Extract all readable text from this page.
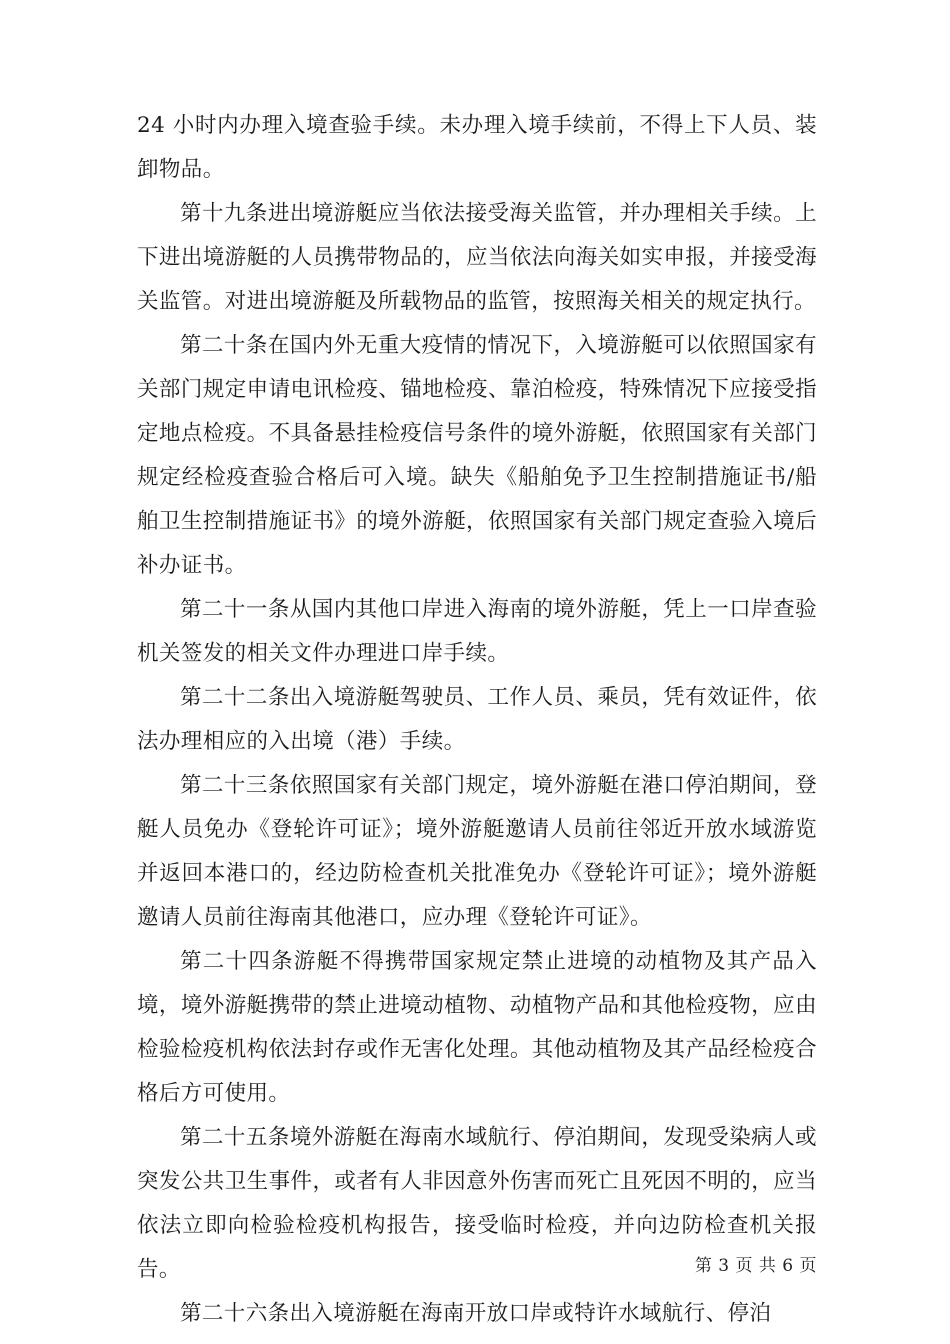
24 小时内办理入境查验手续。未办理入境手续前，不得上下人员、装卸物品。

第十九条进出境游艇应当依法接受海关监管，并办理相关手续。上下进出境游艇的人员携带物品的，应当依法向海关如实申报，并接受海关监管。对进出境游艇及所载物品的监管，按照海关相关的规定执行。

第二十条在国内外无重大疫情的情况下，入境游艇可以依照国家有关部门规定申请电讯检疫、锚地检疫、靠泊检疫，特殊情况下应接受指定地点检疫。不具备悬挂检疫信号条件的境外游艇，依照国家有关部门规定经检疫查验合格后可入境。缺失《船舶免予卫生控制措施证书/船舶卫生控制措施证书》的境外游艇，依照国家有关部门规定查验入境后补办证书。

第二十一条从国内其他口岸进入海南的境外游艇，凭上一口岸查验机关签发的相关文件办理进口岸手续。

第二十二条出入境游艇驾驶员、工作人员、乘员，凭有效证件，依法办理相应的入出境（港）手续。

第二十三条依照国家有关部门规定，境外游艇在港口停泊期间，登艇人员免办《登轮许可证》；境外游艇邀请人员前往邻近开放水域游览并返回本港口的，经边防检查机关批准免办《登轮许可证》；境外游艇邀请人员前往海南其他港口，应办理《登轮许可证》。

第二十四条游艇不得携带国家规定禁止进境的动植物及其产品入境，境外游艇携带的禁止进境动植物、动植物产品和其他检疫物，应由检验检疫机构依法封存或作无害化处理。其他动植物及其产品经检疫合格后方可使用。

第二十五条境外游艇在海南水域航行、停泊期间，发现受染病人或突发公共卫生事件，或者有人非因意外伤害而死亡且死因不明的，应当依法立即向检验检疫机构报告，接受临时检疫，并向边防检查机关报告。

第二十六条出入境游艇在海南开放口岸或特许水域航行、停泊

第 3 页 共 6 页
